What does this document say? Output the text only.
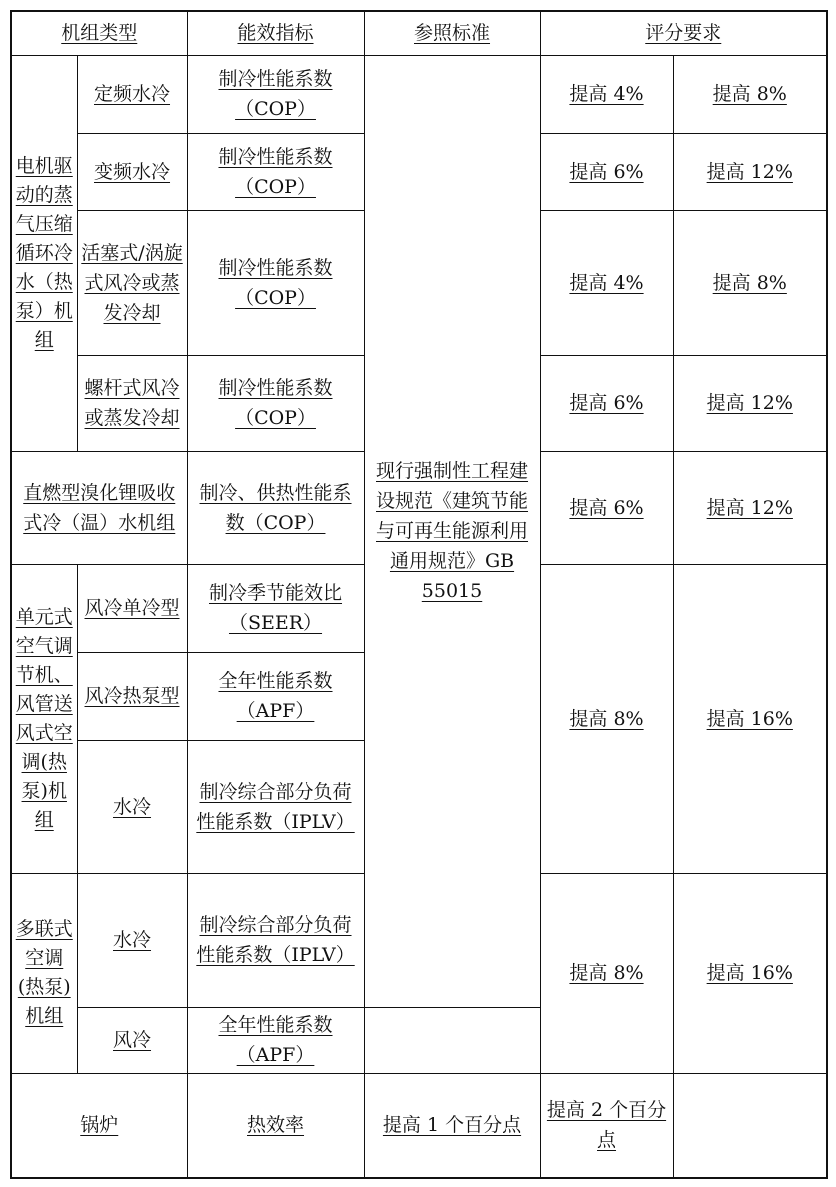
机组类型		能效指标	参照标准	评分要求	
电机驱动的蒸气压缩循环冷水（热泵）机组	定频水冷	制冷性能系数（COP）	现行强制性工程建设规范《建筑节能与可再生能源利用通用规范》GB 55015	提高 4%	提高 8%
	变频水冷	制冷性能系数（COP）		提高 6%	提高 12%
	活塞式/涡旋式风冷或蒸发冷却	制冷性能系数（COP）		提高 4%	提高 8%
	螺杆式风冷或蒸发冷却	制冷性能系数（COP）		提高 6%	提高 12%
直燃型溴化锂吸收式冷（温）水机组		制冷、供热性能系数（COP）		提高 6%	提高 12%
单元式空气调节机、风管送风式空调(热泵)机组	风冷单冷型	制冷季节能效比（SEER）		提高 8%	提高 16%
	风冷热泵型	全年性能系数（APF）			
	水冷	制冷综合部分负荷性能系数（IPLV）			
多联式空调(热泵)机组	水冷	制冷综合部分负荷性能系数（IPLV）		提高 8%	提高 16%
	风冷	全年性能系数（APF）			
锅炉		热效率	提高 1 个百分点	提高 2 个百分点	
